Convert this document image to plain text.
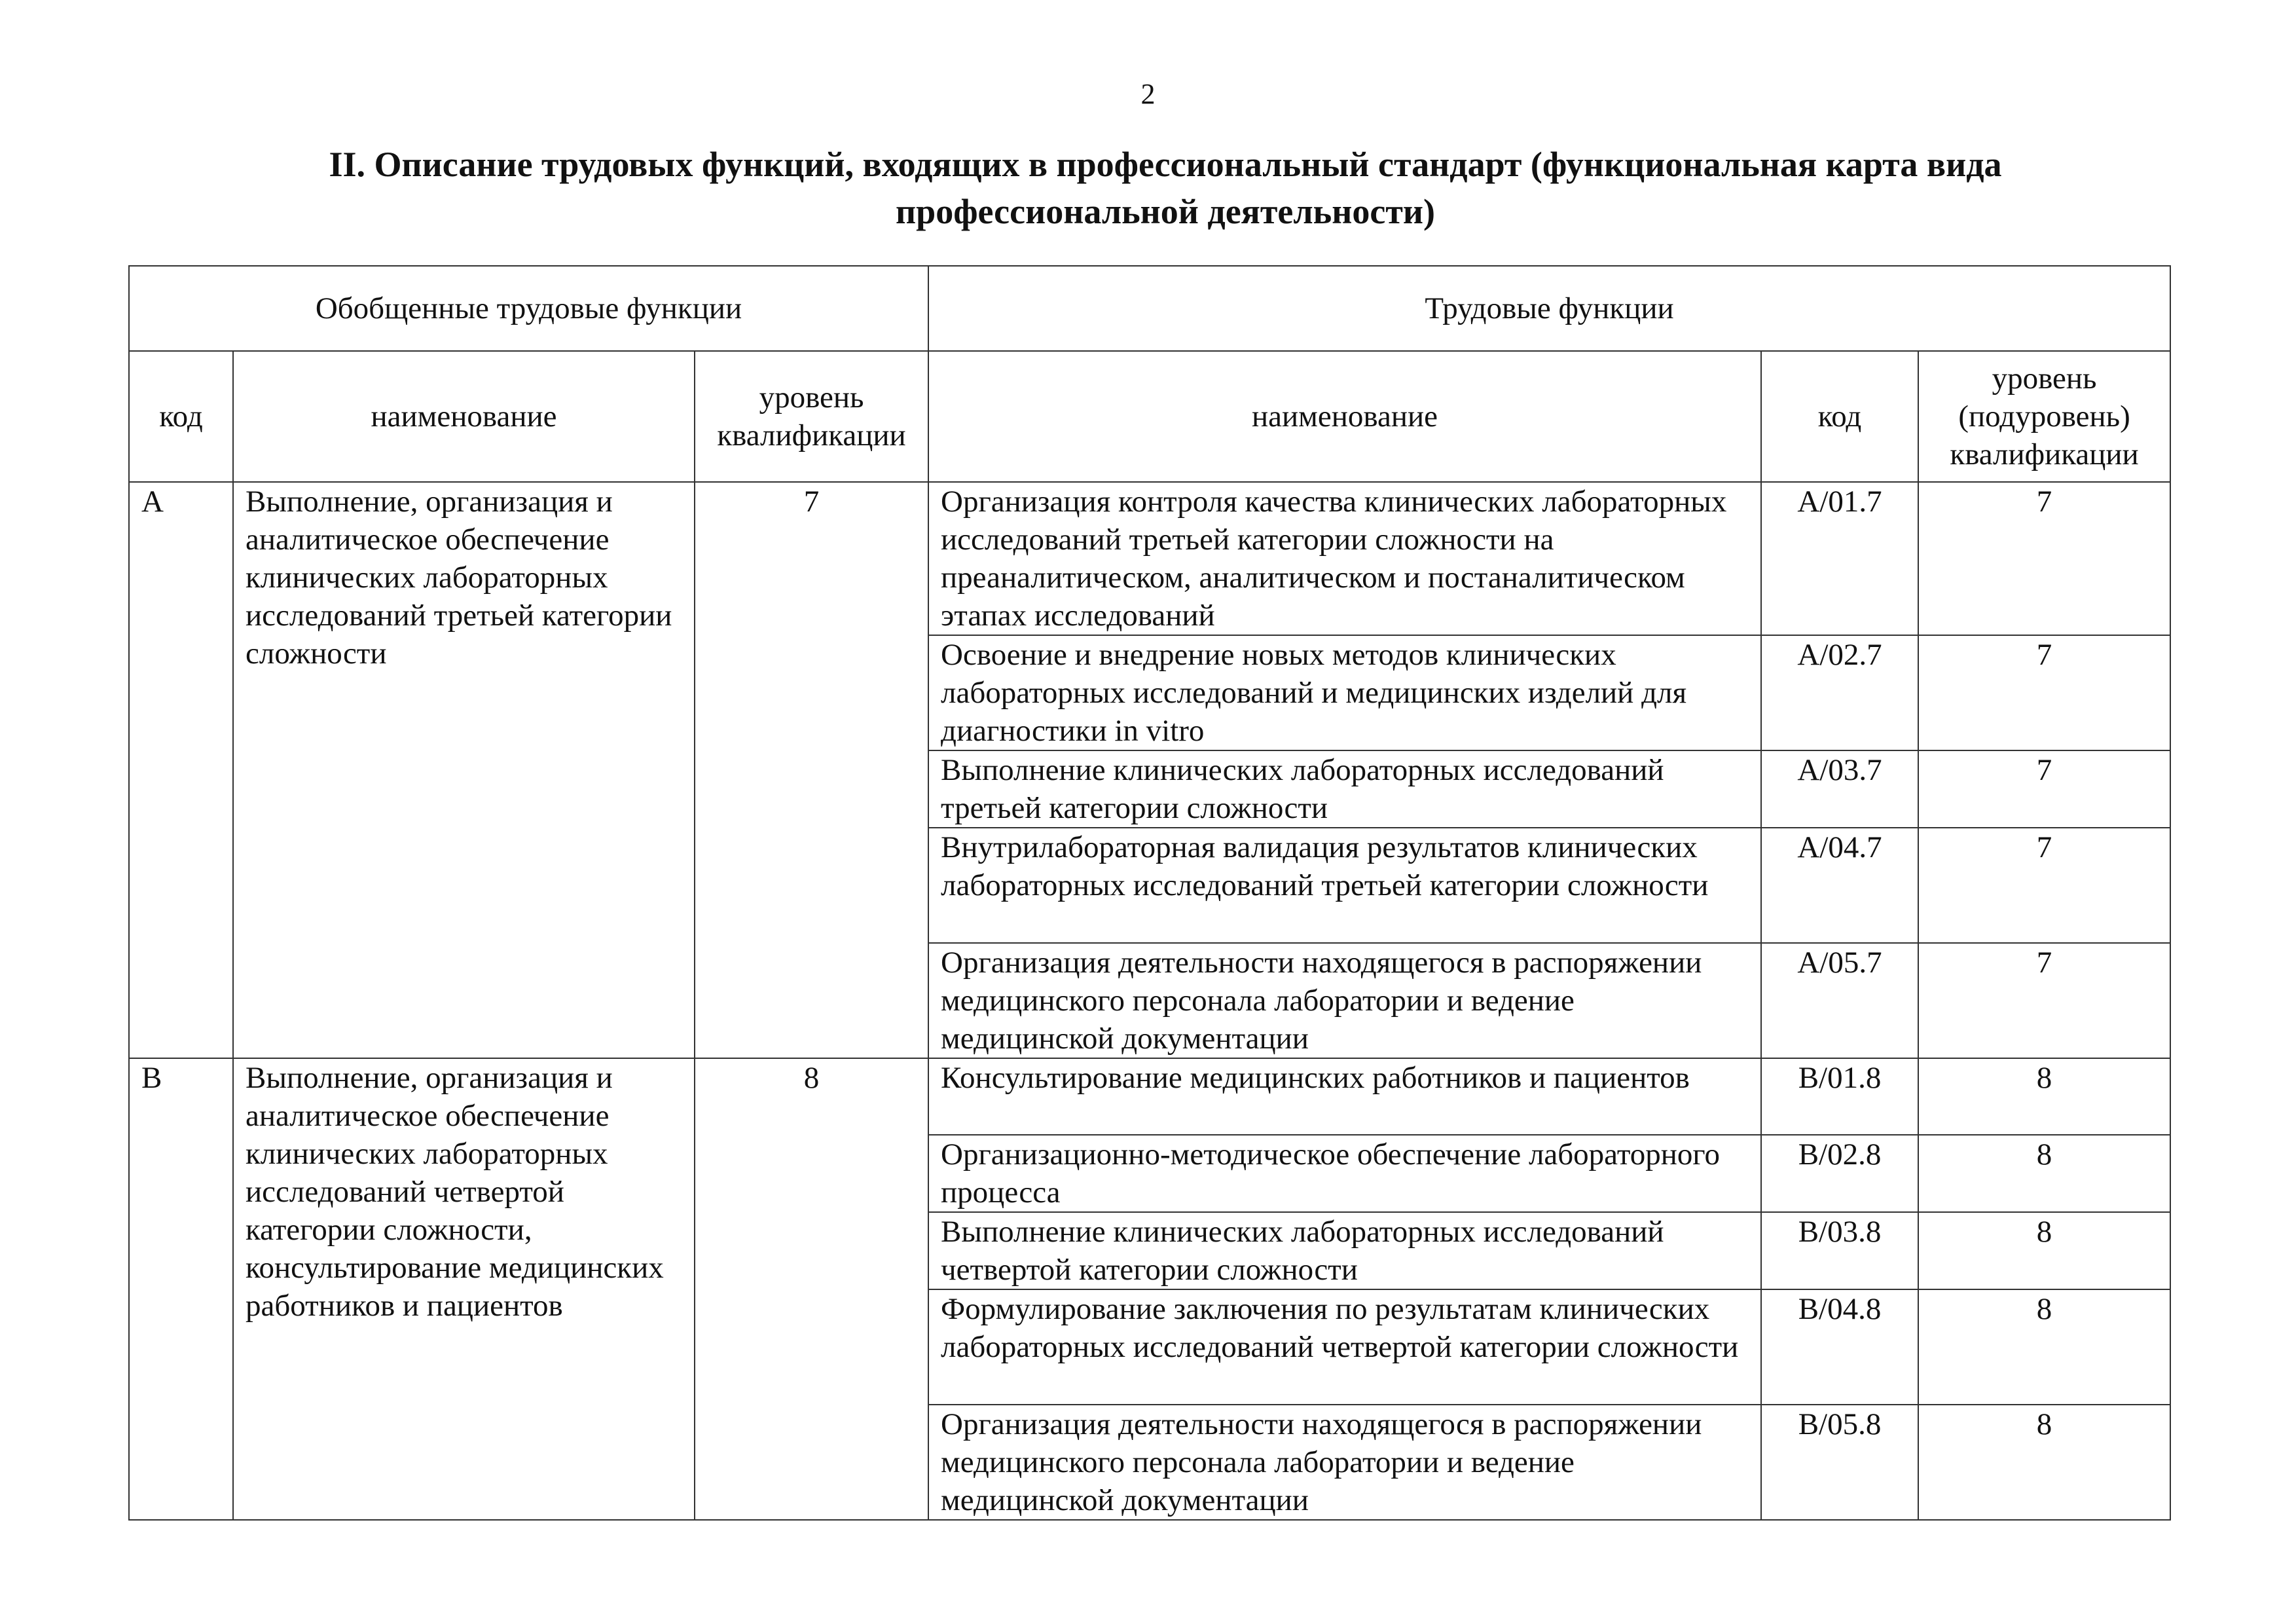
2
II. Описание трудовых функций, входящих в профессиональный стандарт (функциональная карта вида профессиональной деятельности)
Обобщенные трудовые функции			Трудовые функции		
код	наименование	уровень квалификации	наименование	код	уровень (подуровень) квалификации
A	Выполнение, организация и аналитическое обеспечение клинических лабораторных исследований третьей категории сложности	7	Организация контроля качества клинических лабораторных исследований третьей категории сложности на преаналитическом, аналитическом и постаналитическом этапах исследований	A/01.7	7
			Освоение и внедрение новых методов клинических лабораторных исследований и медицинских изделий для диагностики in vitro	A/02.7	7
			Выполнение клинических лабораторных исследований третьей категории сложности	A/03.7	7
			Внутрилабораторная валидация результатов клинических лабораторных исследований третьей категории сложности	A/04.7	7
			Организация деятельности находящегося в распоряжении медицинского персонала лаборатории и ведение медицинской документации	A/05.7	7
B	Выполнение, организация и аналитическое обеспечение клинических лабораторных исследований четвертой категории сложности, консультирование медицинских работников и пациентов	8	Консультирование медицинских работников и пациентов	B/01.8	8
			Организационно-методическое обеспечение лабораторного процесса	B/02.8	8
			Выполнение клинических лабораторных исследований четвертой категории сложности	B/03.8	8
			Формулирование заключения по результатам клинических лабораторных исследований четвертой категории сложности	B/04.8	8
			Организация деятельности находящегося в распоряжении медицинского персонала лаборатории и ведение медицинской документации	B/05.8	8
